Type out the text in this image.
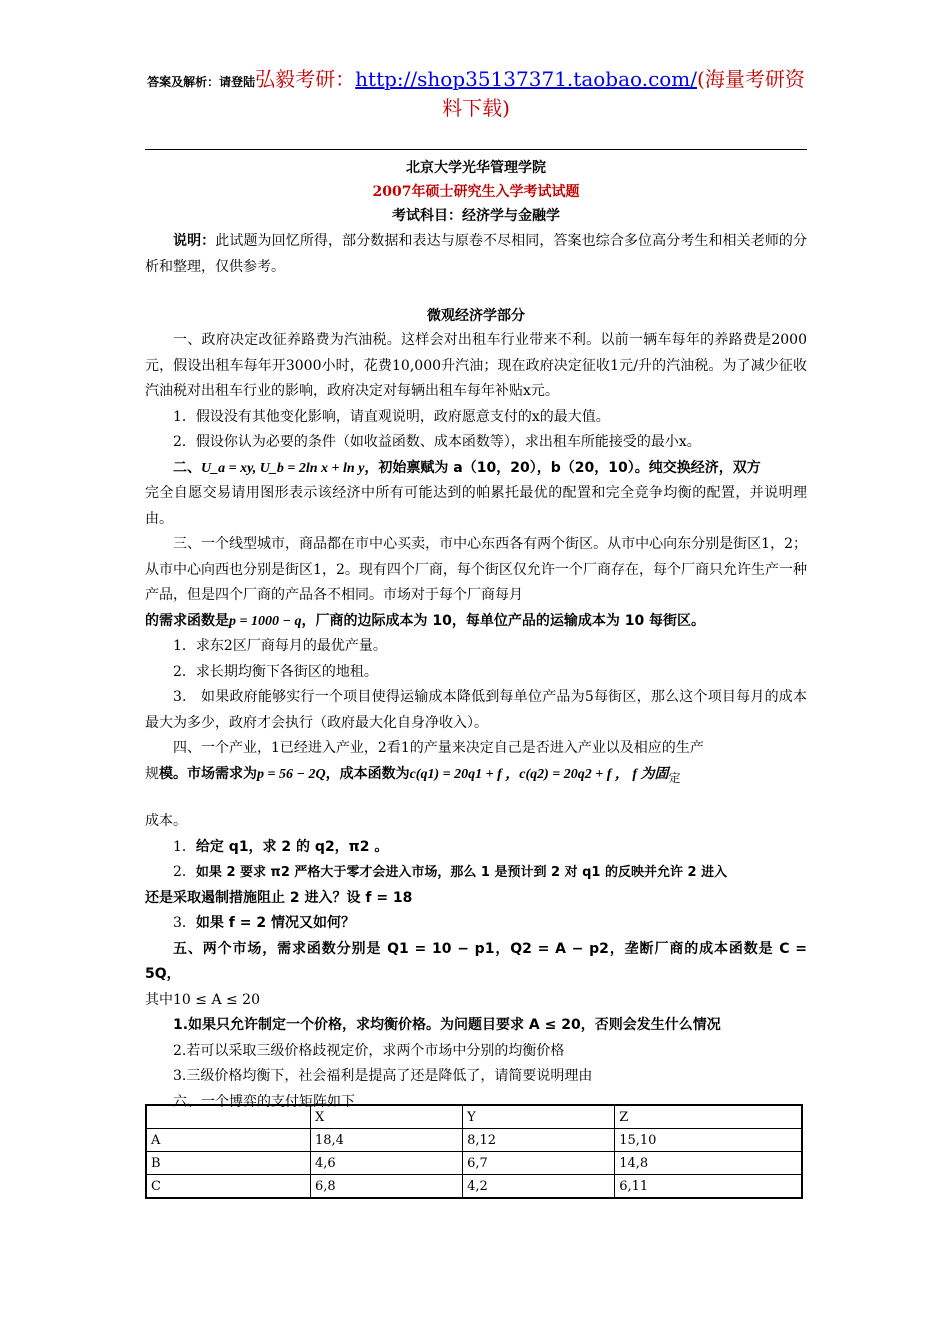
答案及解析：请登陆弘毅考研：http://shop35137371.taobao.com/(海量考研资料下载)
北京大学光华管理学院
2007年硕士研究生入学考试试题
考试科目：经济学与金融学

说明：此试题为回忆所得，部分数据和表达与原卷不尽相同，答案也综合多位高分考生和相关老师的分析和整理，仅供参考。

微观经济学部分

一、政府决定改征养路费为汽油税。这样会对出租车行业带来不利。以前一辆车每年的养路费是2000元，假设出租车每年开3000小时，花费10,000升汽油；现在政府决定征收1元/升的汽油税。为了减少征收汽油税对出租车行业的影响，政府决定对每辆出租车每年补贴x元。

1．假设没有其他变化影响，请直观说明，政府愿意支付的x的最大值。

2．假设你认为必要的条件（如收益函数、成本函数等），求出租车所能接受的最小x。

二、U_a = xy, U_b = 2ln x + ln y，初始禀赋为 a（10，20），b（20，10）。纯交换经济，双方

完全自愿交易请用图形表示该经济中所有可能达到的帕累托最优的配置和完全竞争均衡的配置，并说明理由。

三、一个线型城市，商品都在市中心买卖，市中心东西各有两个街区。从市中心向东分别是街区1，2；从市中心向西也分别是街区1，2。现有四个厂商，每个街区仅允许一个厂商存在，每个厂商只允许生产一种产品，但是四个厂商的产品各不相同。市场对于每个厂商每月

的需求函数是p = 1000 − q，厂商的边际成本为 10，每单位产品的运输成本为 10 每街区。

1．求东2区厂商每月的最优产量。

2．求长期均衡下各街区的地租。

3． 如果政府能够实行一个项目使得运输成本降低到每单位产品为5每街区，那么这个项目每月的成本最大为多少，政府才会执行（政府最大化自身净收入）。

四、一个产业，1已经进入产业，2看1的产量来决定自己是否进入产业以及相应的生产

规模。市场需求为p = 56 − 2Q，成本函数为c(q1) = 20q1 + f ，c(q2) = 20q2 + f ， f 为固定

成本。

1．给定 q1，求 2 的 q2，π2 。

2．如果 2 要求 π2 严格大于零才会进入市场，那么 1 是预计到 2 对 q1 的反映并允许 2 进入

还是采取遏制措施阻止 2 进入？设 f = 18

3．如果 f = 2 情况又如何？

五、两个市场，需求函数分别是 Q1 = 10 − p1，Q2 = A − p2，垄断厂商的成本函数是 C = 5Q，

其中10 ≤ A ≤ 20

1.如果只允许制定一个价格，求均衡价格。为问题目要求 A ≤ 20，否则会发生什么情况

2.若可以采取三级价格歧视定价，求两个市场中分别的均衡价格

3.三级价格均衡下，社会福利是提高了还是降低了，请简要说明理由

六、一个博弈的支付矩阵如下

	X	Y	Z
A	18,4	8,12	15,10
B	4,6	6,7	14,8
C	6,8	4,2	6,11
